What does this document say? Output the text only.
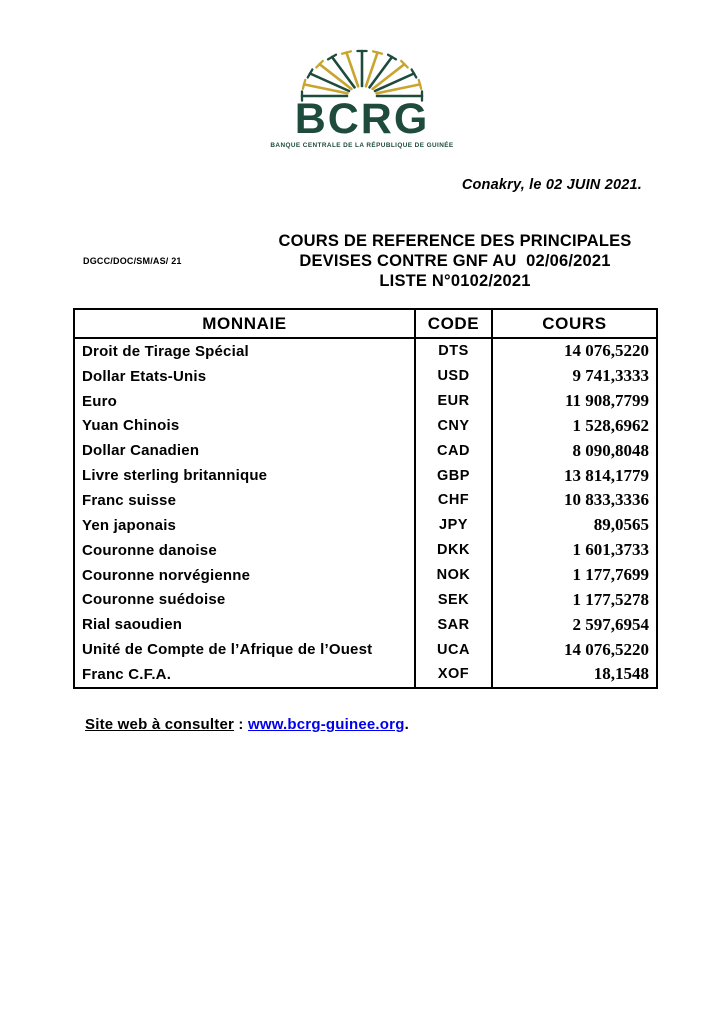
BCRG
BANQUE CENTRALE DE LA RÉPUBLIQUE DE GUINÉE
Conakry, le 02 JUIN 2021.
DGCC/DOC/SM/AS/ 21
COURS DE REFERENCE DES PRINCIPALES
DEVISES CONTRE GNF AU  02/06/2021
LISTE N°0102/2021
MONNAIE	CODE	COURS
Droit de Tirage Spécial	DTS	14 076,5220
Dollar Etats-Unis	USD	9 741,3333
Euro	EUR	11 908,7799
Yuan Chinois	CNY	1 528,6962
Dollar Canadien	CAD	8 090,8048
Livre sterling britannique	GBP	13 814,1779
Franc suisse	CHF	10 833,3336
Yen japonais	JPY	89,0565
Couronne danoise	DKK	1 601,3733
Couronne norvégienne	NOK	1 177,7699
Couronne suédoise	SEK	1 177,5278
Rial saoudien	SAR	2 597,6954
Unité de Compte de l’Afrique de l’Ouest	UCA	14 076,5220
Franc C.F.A.	XOF	18,1548
Site web à consulter : www.bcrg-guinee.org.
